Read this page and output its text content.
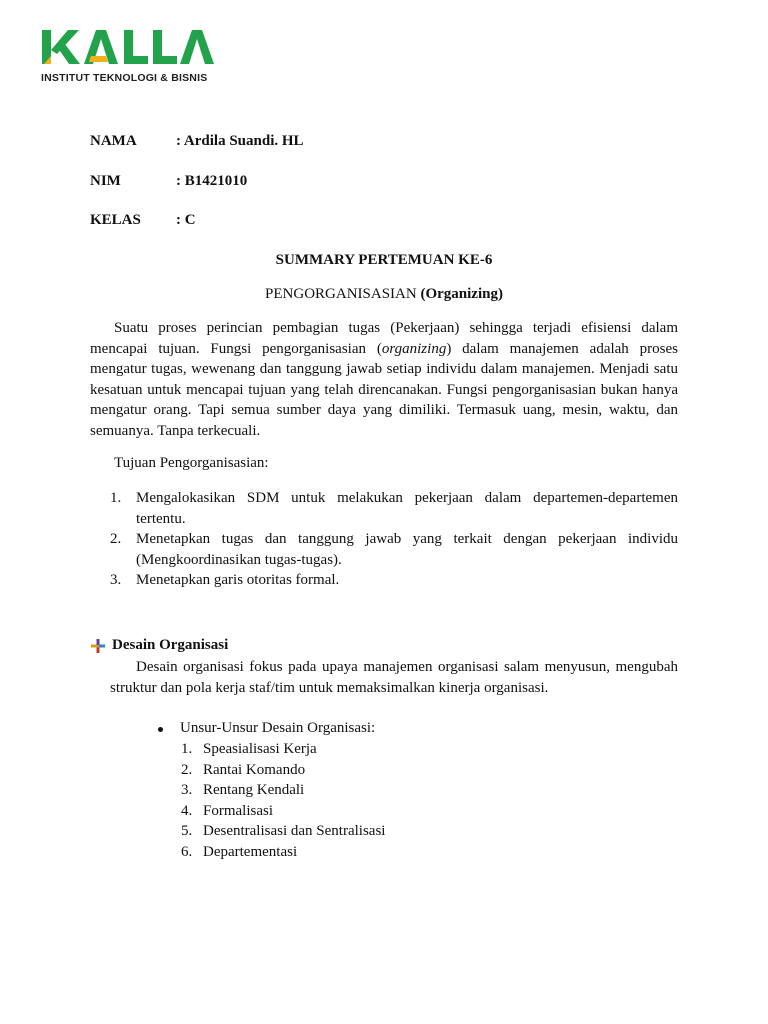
INSTITUT TEKNOLOGI & BISNIS
NAMA	: Ardila Suandi. HL
NIM	: B1421010
KELAS : C
SUMMARY PERTEMUAN KE-6
PENGORGANISASIAN (Organizing)
Suatu proses perincian pembagian tugas (Pekerjaan) sehingga terjadi efisiensi dalam
mencapai tujuan. Fungsi pengorganisasian (organizing) dalam manajemen adalah proses
mengatur tugas, wewenang dan tanggung jawab setiap individu dalam manajemen. Menjadi satu
kesatuan untuk mencapai tujuan yang telah direncanakan. Fungsi pengorganisasian bukan hanya
mengatur orang. Tapi semua sumber daya yang dimiliki. Termasuk uang, mesin, waktu, dan
semuanya. Tanpa terkecuali.
Tujuan Pengorganisasian:
1. Mengalokasikan SDM untuk melakukan pekerjaan dalam departemen-departemen
tertentu.
2. Menetapkan tugas dan tanggung jawab yang terkait dengan pekerjaan individu
(Mengkoordinasikan tugas-tugas).
3. Menetapkan garis otoritas formal.
Desain Organisasi
Desain organisasi fokus pada upaya manajemen organisasi salam menyusun, mengubah
struktur dan pola kerja staf/tim untuk memaksimalkan kinerja organisasi.
Unsur-Unsur Desain Organisasi:
1. Speasialisasi Kerja
2. Rantai Komando
3. Rentang Kendali
4. Formalisasi
5. Desentralisasi dan Sentralisasi
6. Departementasi
